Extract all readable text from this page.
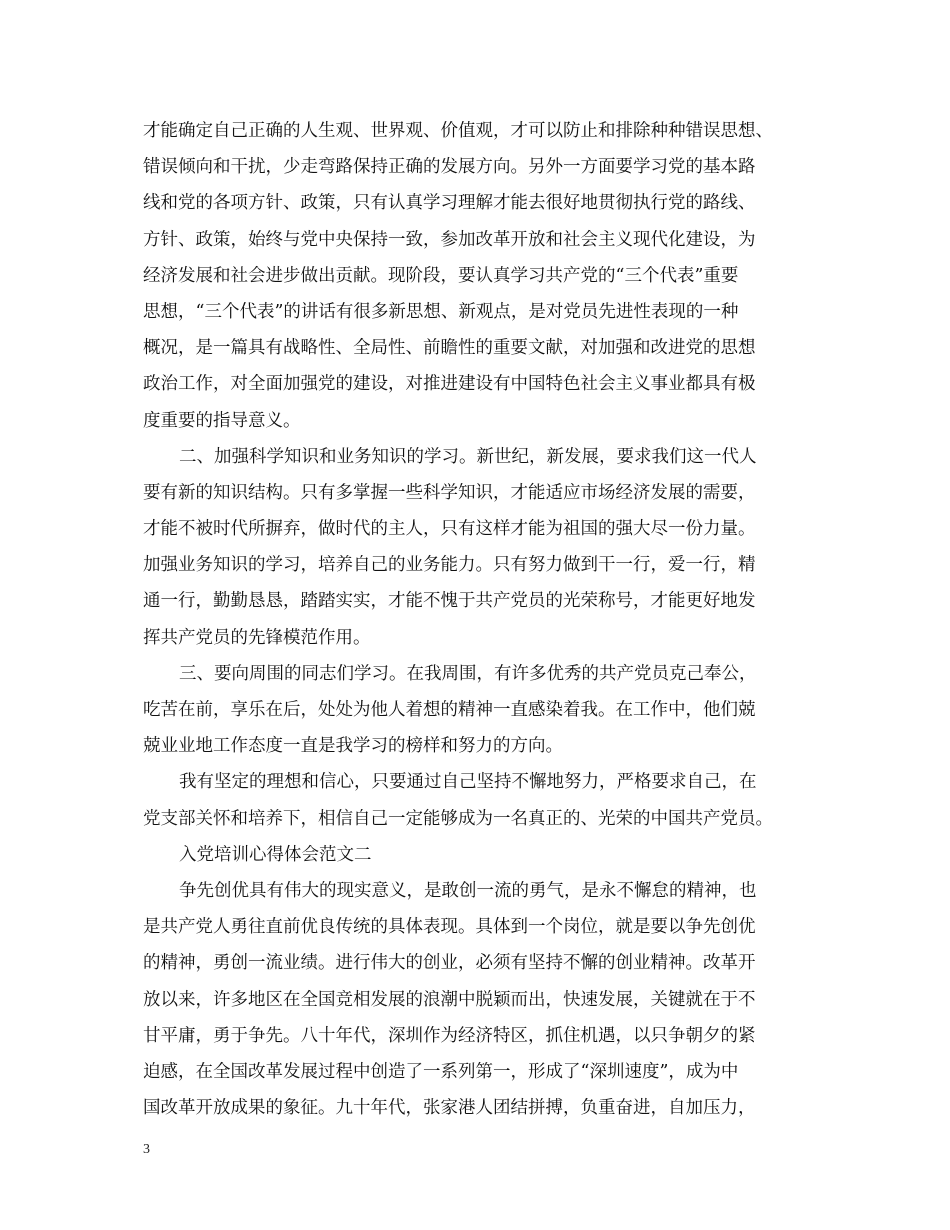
才能确定自己正确的人生观、世界观、价值观，才可以防止和排除种种错误思想、
错误倾向和干扰，少走弯路保持正确的发展方向。另外一方面要学习党的基本路
线和党的各项方针、政策，只有认真学习理解才能去很好地贯彻执行党的路线、
方针、政策，始终与党中央保持一致，参加改革开放和社会主义现代化建设，为
经济发展和社会进步做出贡献。现阶段，要认真学习共产党的“三个代表”重要
思想，“三个代表”的讲话有很多新思想、新观点，是对党员先进性表现的一种
概况，是一篇具有战略性、全局性、前瞻性的重要文献，对加强和改进党的思想
政治工作，对全面加强党的建设，对推进建设有中国特色社会主义事业都具有极
度重要的指导意义。
二、加强科学知识和业务知识的学习。新世纪，新发展，要求我们这一代人
要有新的知识结构。只有多掌握一些科学知识，才能适应市场经济发展的需要，
才能不被时代所摒弃，做时代的主人，只有这样才能为祖国的强大尽一份力量。
加强业务知识的学习，培养自己的业务能力。只有努力做到干一行，爱一行，精
通一行，勤勤恳恳，踏踏实实，才能不愧于共产党员的光荣称号，才能更好地发
挥共产党员的先锋模范作用。
三、要向周围的同志们学习。在我周围，有许多优秀的共产党员克己奉公，
吃苦在前，享乐在后，处处为他人着想的精神一直感染着我。在工作中，他们兢
兢业业地工作态度一直是我学习的榜样和努力的方向。
我有坚定的理想和信心，只要通过自己坚持不懈地努力，严格要求自己，在
党支部关怀和培养下，相信自己一定能够成为一名真正的、光荣的中国共产党员。
入党培训心得体会范文二
争先创优具有伟大的现实意义，是敢创一流的勇气，是永不懈怠的精神，也
是共产党人勇往直前优良传统的具体表现。具体到一个岗位，就是要以争先创优
的精神，勇创一流业绩。进行伟大的创业，必须有坚持不懈的创业精神。改革开
放以来，许多地区在全国竞相发展的浪潮中脱颖而出，快速发展，关键就在于不
甘平庸，勇于争先。八十年代，深圳作为经济特区，抓住机遇，以只争朝夕的紧
迫感，在全国改革发展过程中创造了一系列第一，形成了“深圳速度”，成为中
国改革开放成果的象征。九十年代，张家港人团结拼搏，负重奋进，自加压力，
3
